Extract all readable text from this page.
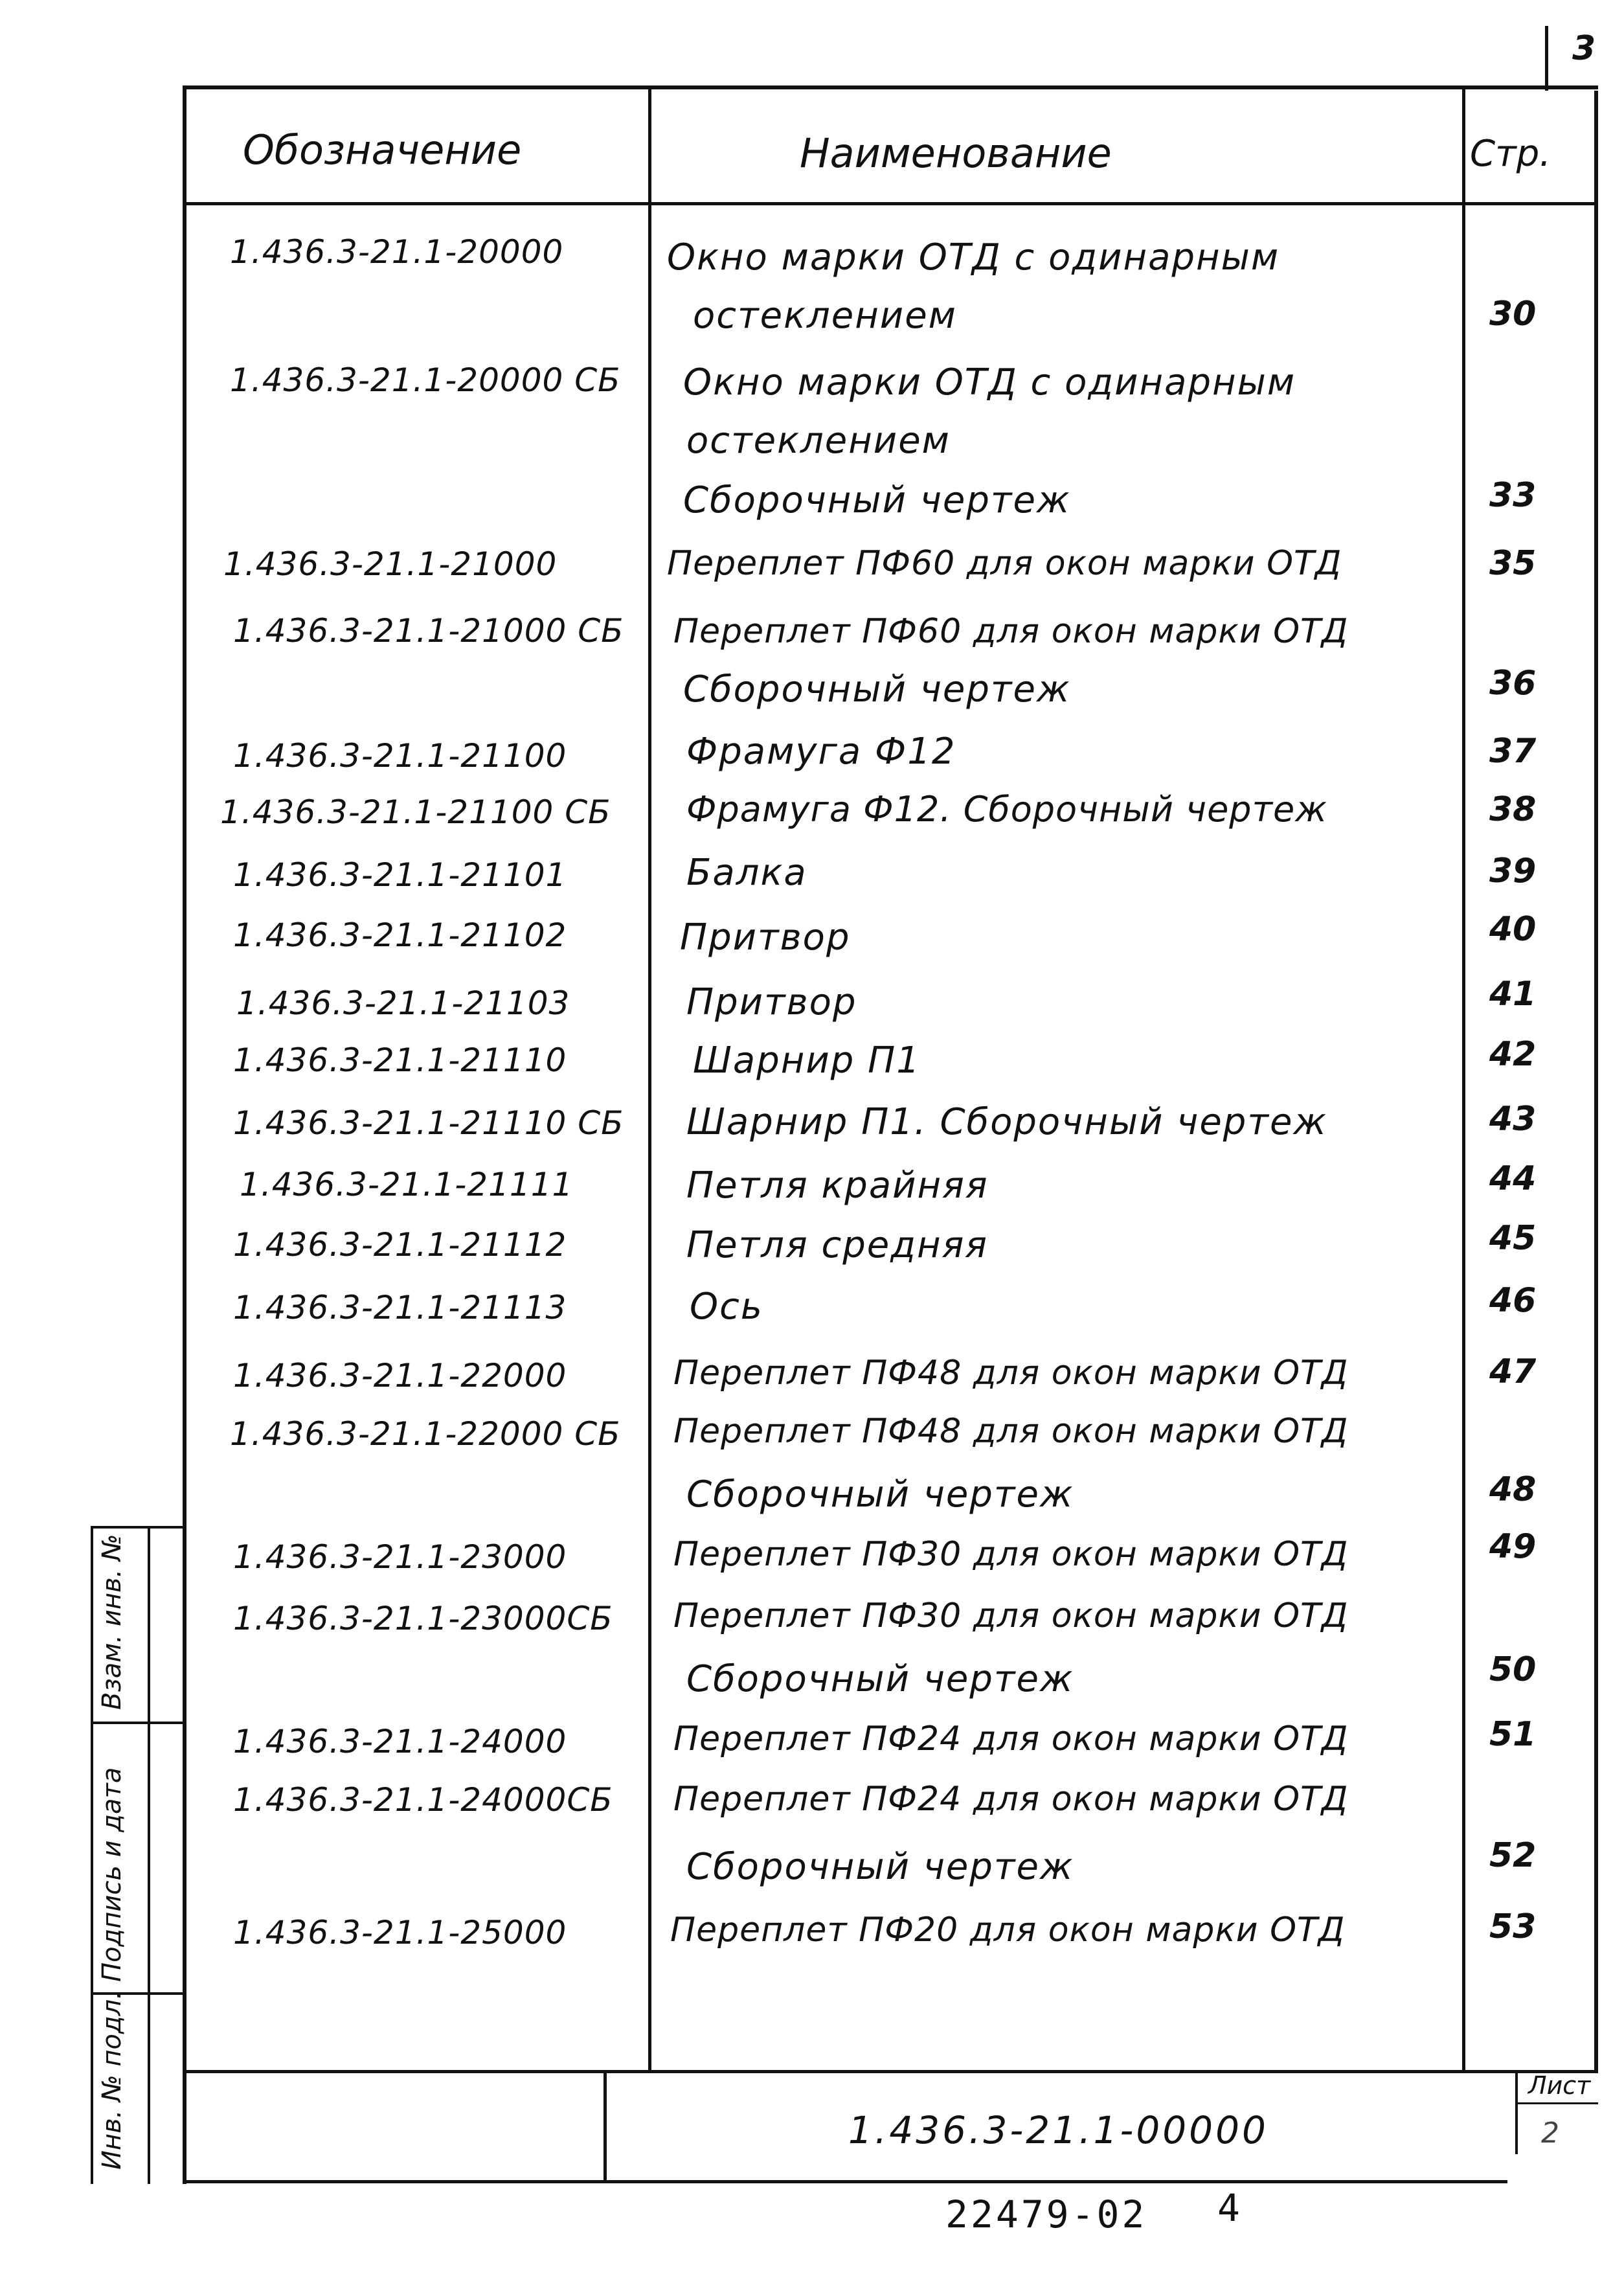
3
Взам. инв. №
Подпись и дата
Инв. № подл.
Обозначение	Наименование	Стр.
1.436.3-21.1-20000	Окно марки ОТД с одинарным
остеклением	30
1.436.3-21.1-20000 СБ Окно марки ОТД с одинарным
остеклением
Сборочный чертеж	33
1.436.3-21.1-21000	Переплет ПФ60 для окон марки ОТД	35
1.436.3-21.1-21000 СБ Переплет ПФ60 для окон марки ОТД
Сборочный чертеж	36
1.436.3-21.1-21100	Фрамуга Ф12	37
1.436.3-21.1-21100 СБ Фрамуга Ф12. Сборочный чертеж	38
1.436.3-21.1-21101	Балка	39
1.436.3-21.1-21102	Притвор	40
1.436.3-21.1-21103	Притвор	41
1.436.3-21.1-21110	Шарнир П1	42
1.436.3-21.1-21110 СБ Шарнир П1. Сборочный чертеж	43
1.436.3-21.1-21111	Петля крайняя	44
1.436.3-21.1-21112	Петля средняя	45
1.436.3-21.1-21113	Ось	46
1.436.3-21.1-22000	Переплет ПФ48 для окон марки ОТД	47
1.436.3-21.1-22000 СБ Переплет ПФ48 для окон марки ОТД
Сборочный чертеж	48
1.436.3-21.1-23000	Переплет ПФ30 для окон марки ОТД	49
1.436.3-21.1-23000СБ Переплет ПФ30 для окон марки ОТД
Сборочный чертеж	50
1.436.3-21.1-24000	Переплет ПФ24 для окон марки ОТД	51
1.436.3-21.1-24000СБ Переплет ПФ24 для окон марки ОТД
Сборочный чертеж	52
1.436.3-21.1-25000	Переплет ПФ20 для окон марки ОТД	53
1.436.3-21.1-00000
Лист
2
22479-02 4
